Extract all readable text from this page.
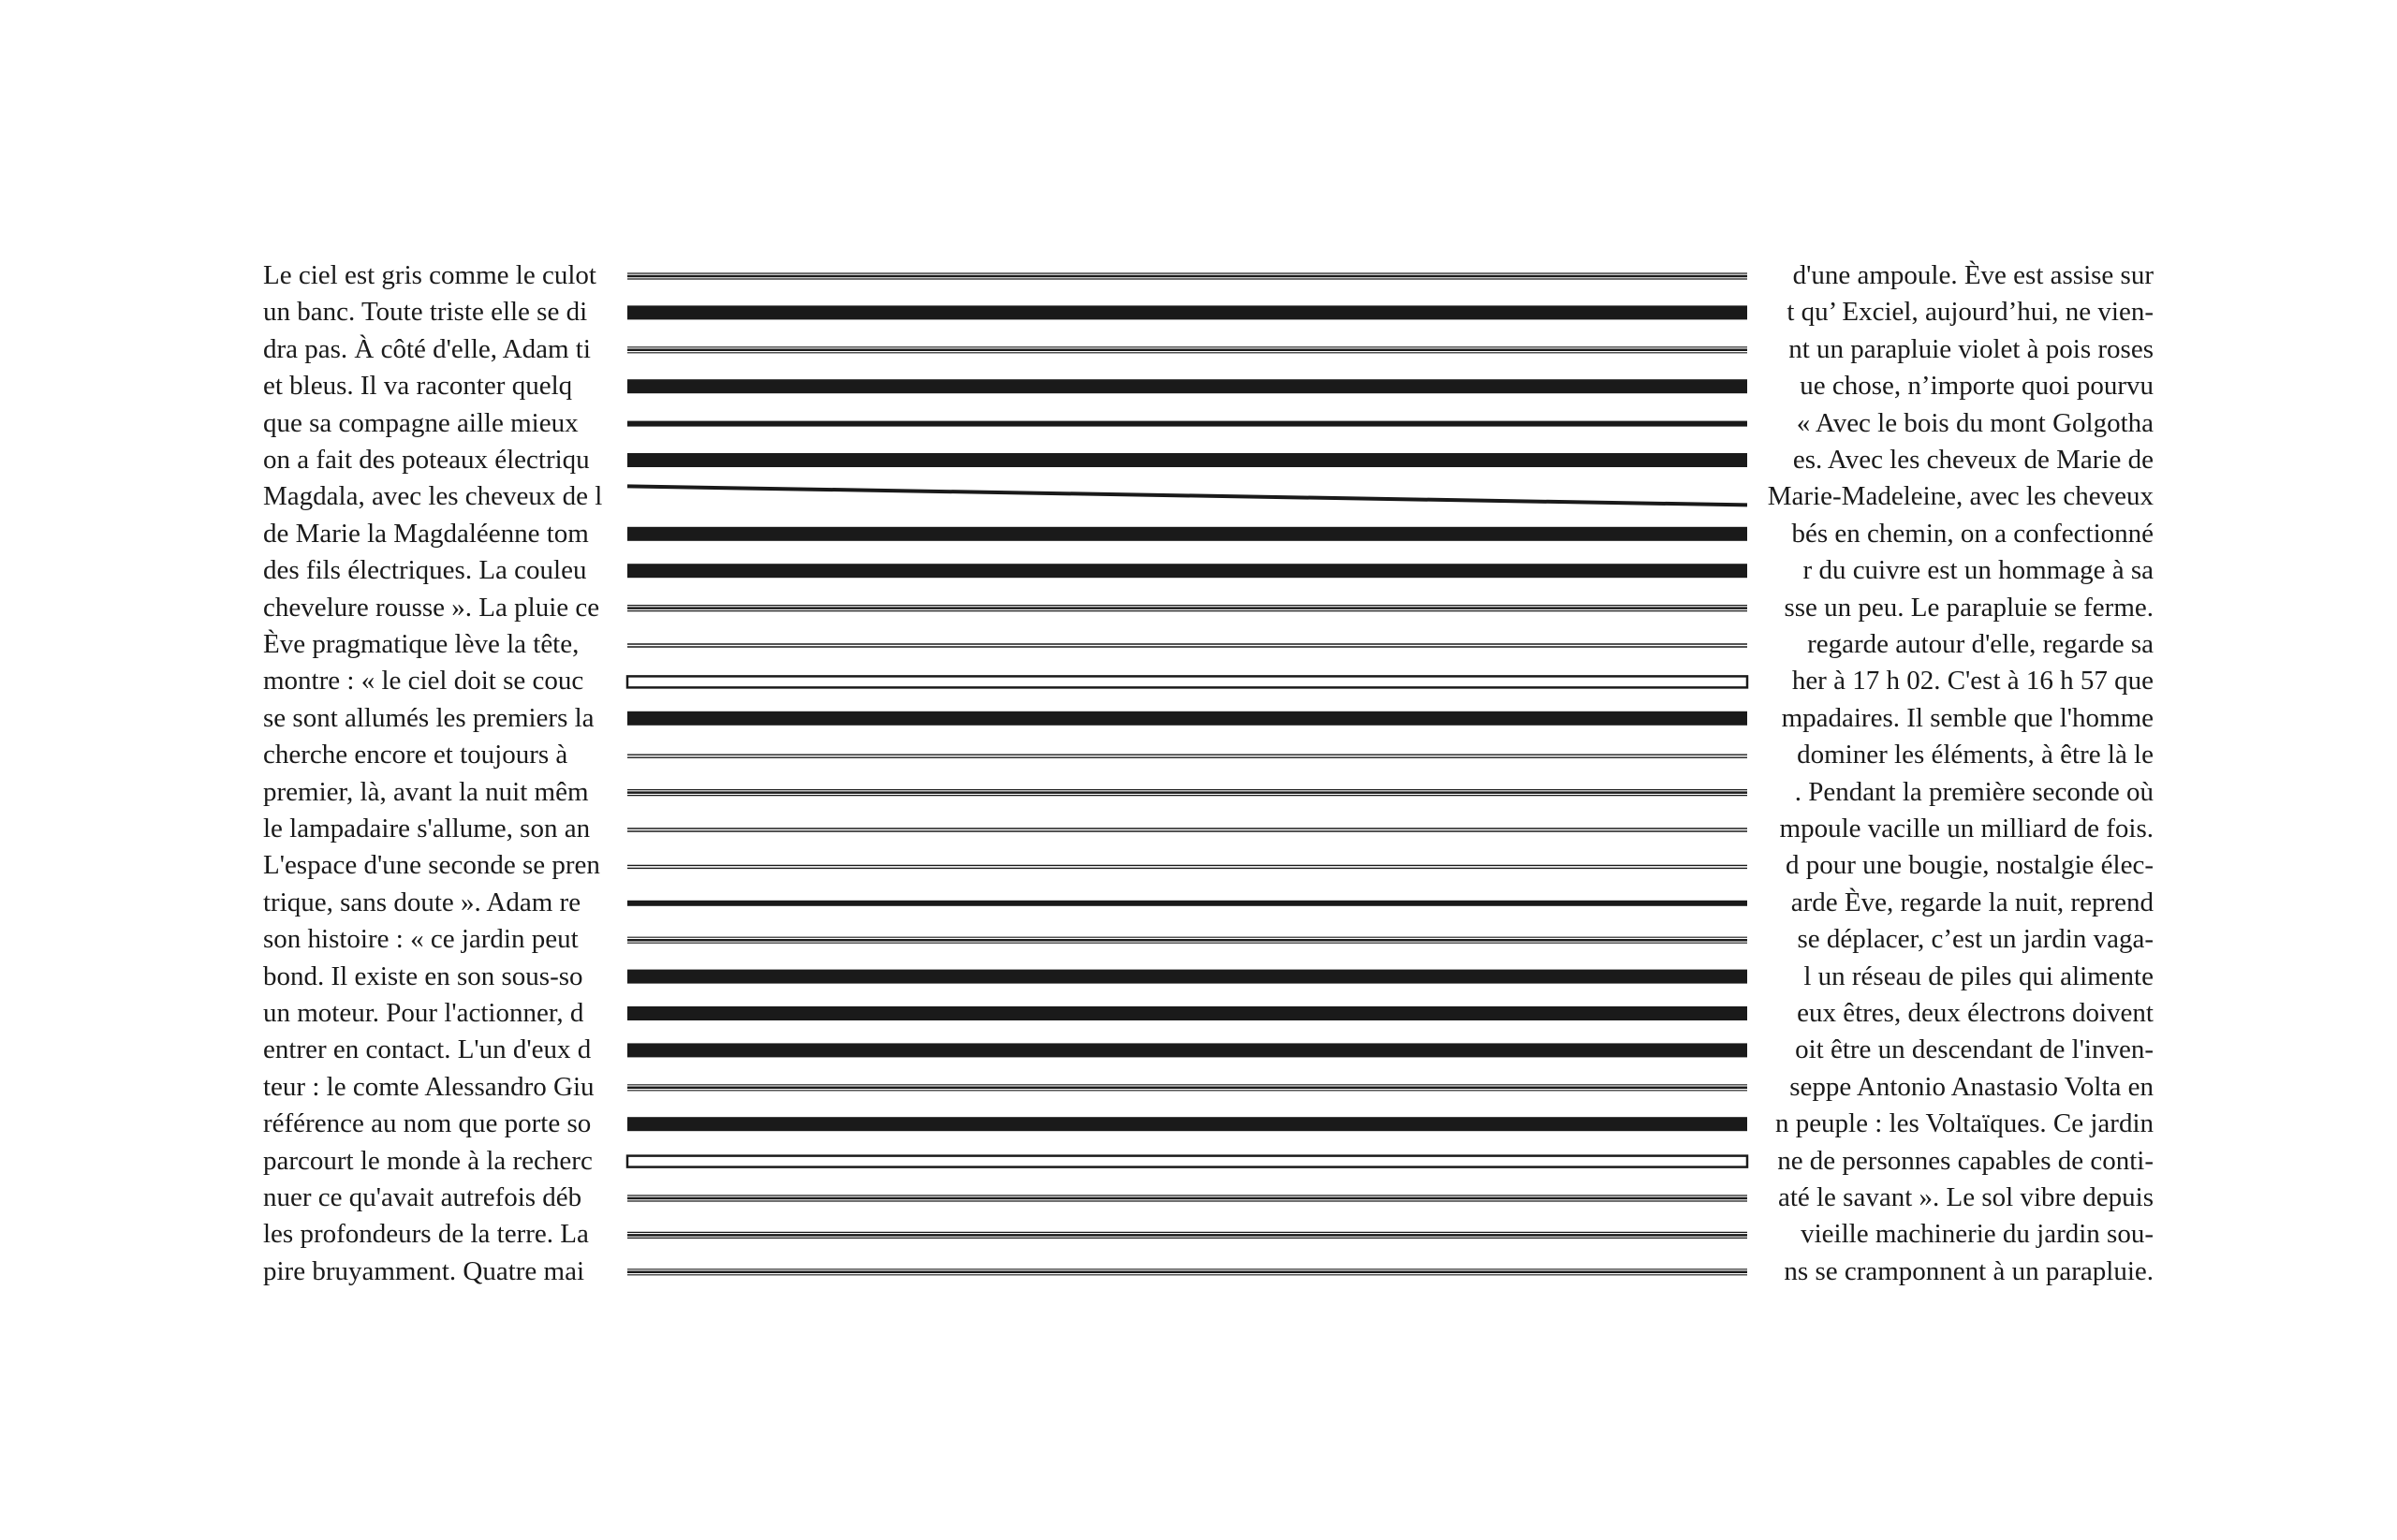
Le ciel est gris comme le culot	d'une ampoule. Ève est assise sur
un banc. Toute triste elle se di	t qu’ Exciel, aujourd’hui, ne vien-
dra pas. À côté d'elle, Adam ti	nt un parapluie violet à pois roses
et bleus. Il va raconter quelq	ue chose, n’importe quoi pourvu
que sa compagne aille mieux	« Avec le bois du mont Golgotha
on a fait des poteaux électriqu	es. Avec les cheveux de Marie de
Magdala, avec les cheveux de l	Marie-Madeleine, avec les cheveux
de Marie la Magdaléenne tom	bés en chemin, on a confectionné
des fils électriques. La couleu	r du cuivre est un hommage à sa
chevelure rousse ». La pluie ce	sse un peu. Le parapluie se ferme.
Ève pragmatique lève la tête,	regarde autour d'elle, regarde sa
montre : « le ciel doit se couc	her à 17 h 02. C'est à 16 h 57 que
se sont allumés les premiers la	mpadaires. Il semble que l'homme
cherche encore et toujours à	dominer les éléments, à être là le
premier, là, avant la nuit mêm	. Pendant la première seconde où
le lampadaire s'allume, son an	mpoule vacille un milliard de fois.
L'espace d'une seconde se pren	d pour une bougie, nostalgie élec-
trique, sans doute ». Adam re	arde Ève, regarde la nuit, reprend
son histoire : « ce jardin peut	se déplacer, c’est un jardin vaga-
bond. Il existe en son sous-so	l un réseau de piles qui alimente
un moteur. Pour l'actionner, d	eux êtres, deux électrons doivent
entrer en contact. L'un d'eux d	oit être un descendant de l'inven-
teur : le comte Alessandro Giu	seppe Antonio Anastasio Volta en
référence au nom que porte so	n peuple : les Voltaïques. Ce jardin
parcourt le monde à la recherc	ne de personnes capables de conti-
nuer ce qu'avait autrefois déb	até le savant ». Le sol vibre depuis
les profondeurs de la terre. La	vieille machinerie du jardin sou-
pire bruyamment. Quatre mai	ns se cramponnent à un parapluie.
